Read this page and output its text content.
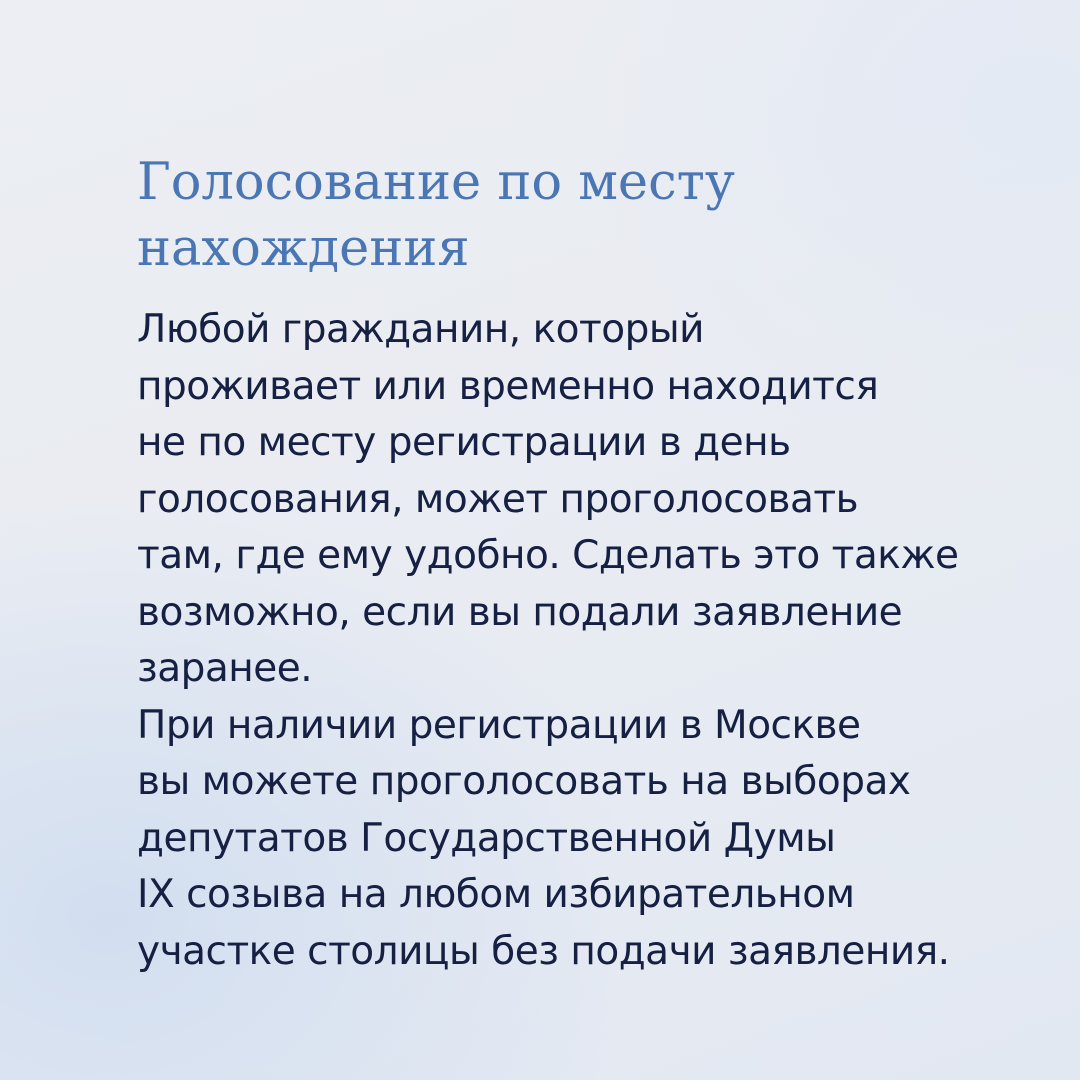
Голосование по месту
нахождения

Любой гражданин, который
проживает или временно находится
не по месту регистрации в день
голосования, может проголосовать
там, где ему удобно. Сделать это также
возможно, если вы подали заявление
заранее.
При наличии регистрации в Москве
вы можете проголосовать на выборах
депутатов Государственной Думы
IX созыва на любом избирательном
участке столицы без подачи заявления.
